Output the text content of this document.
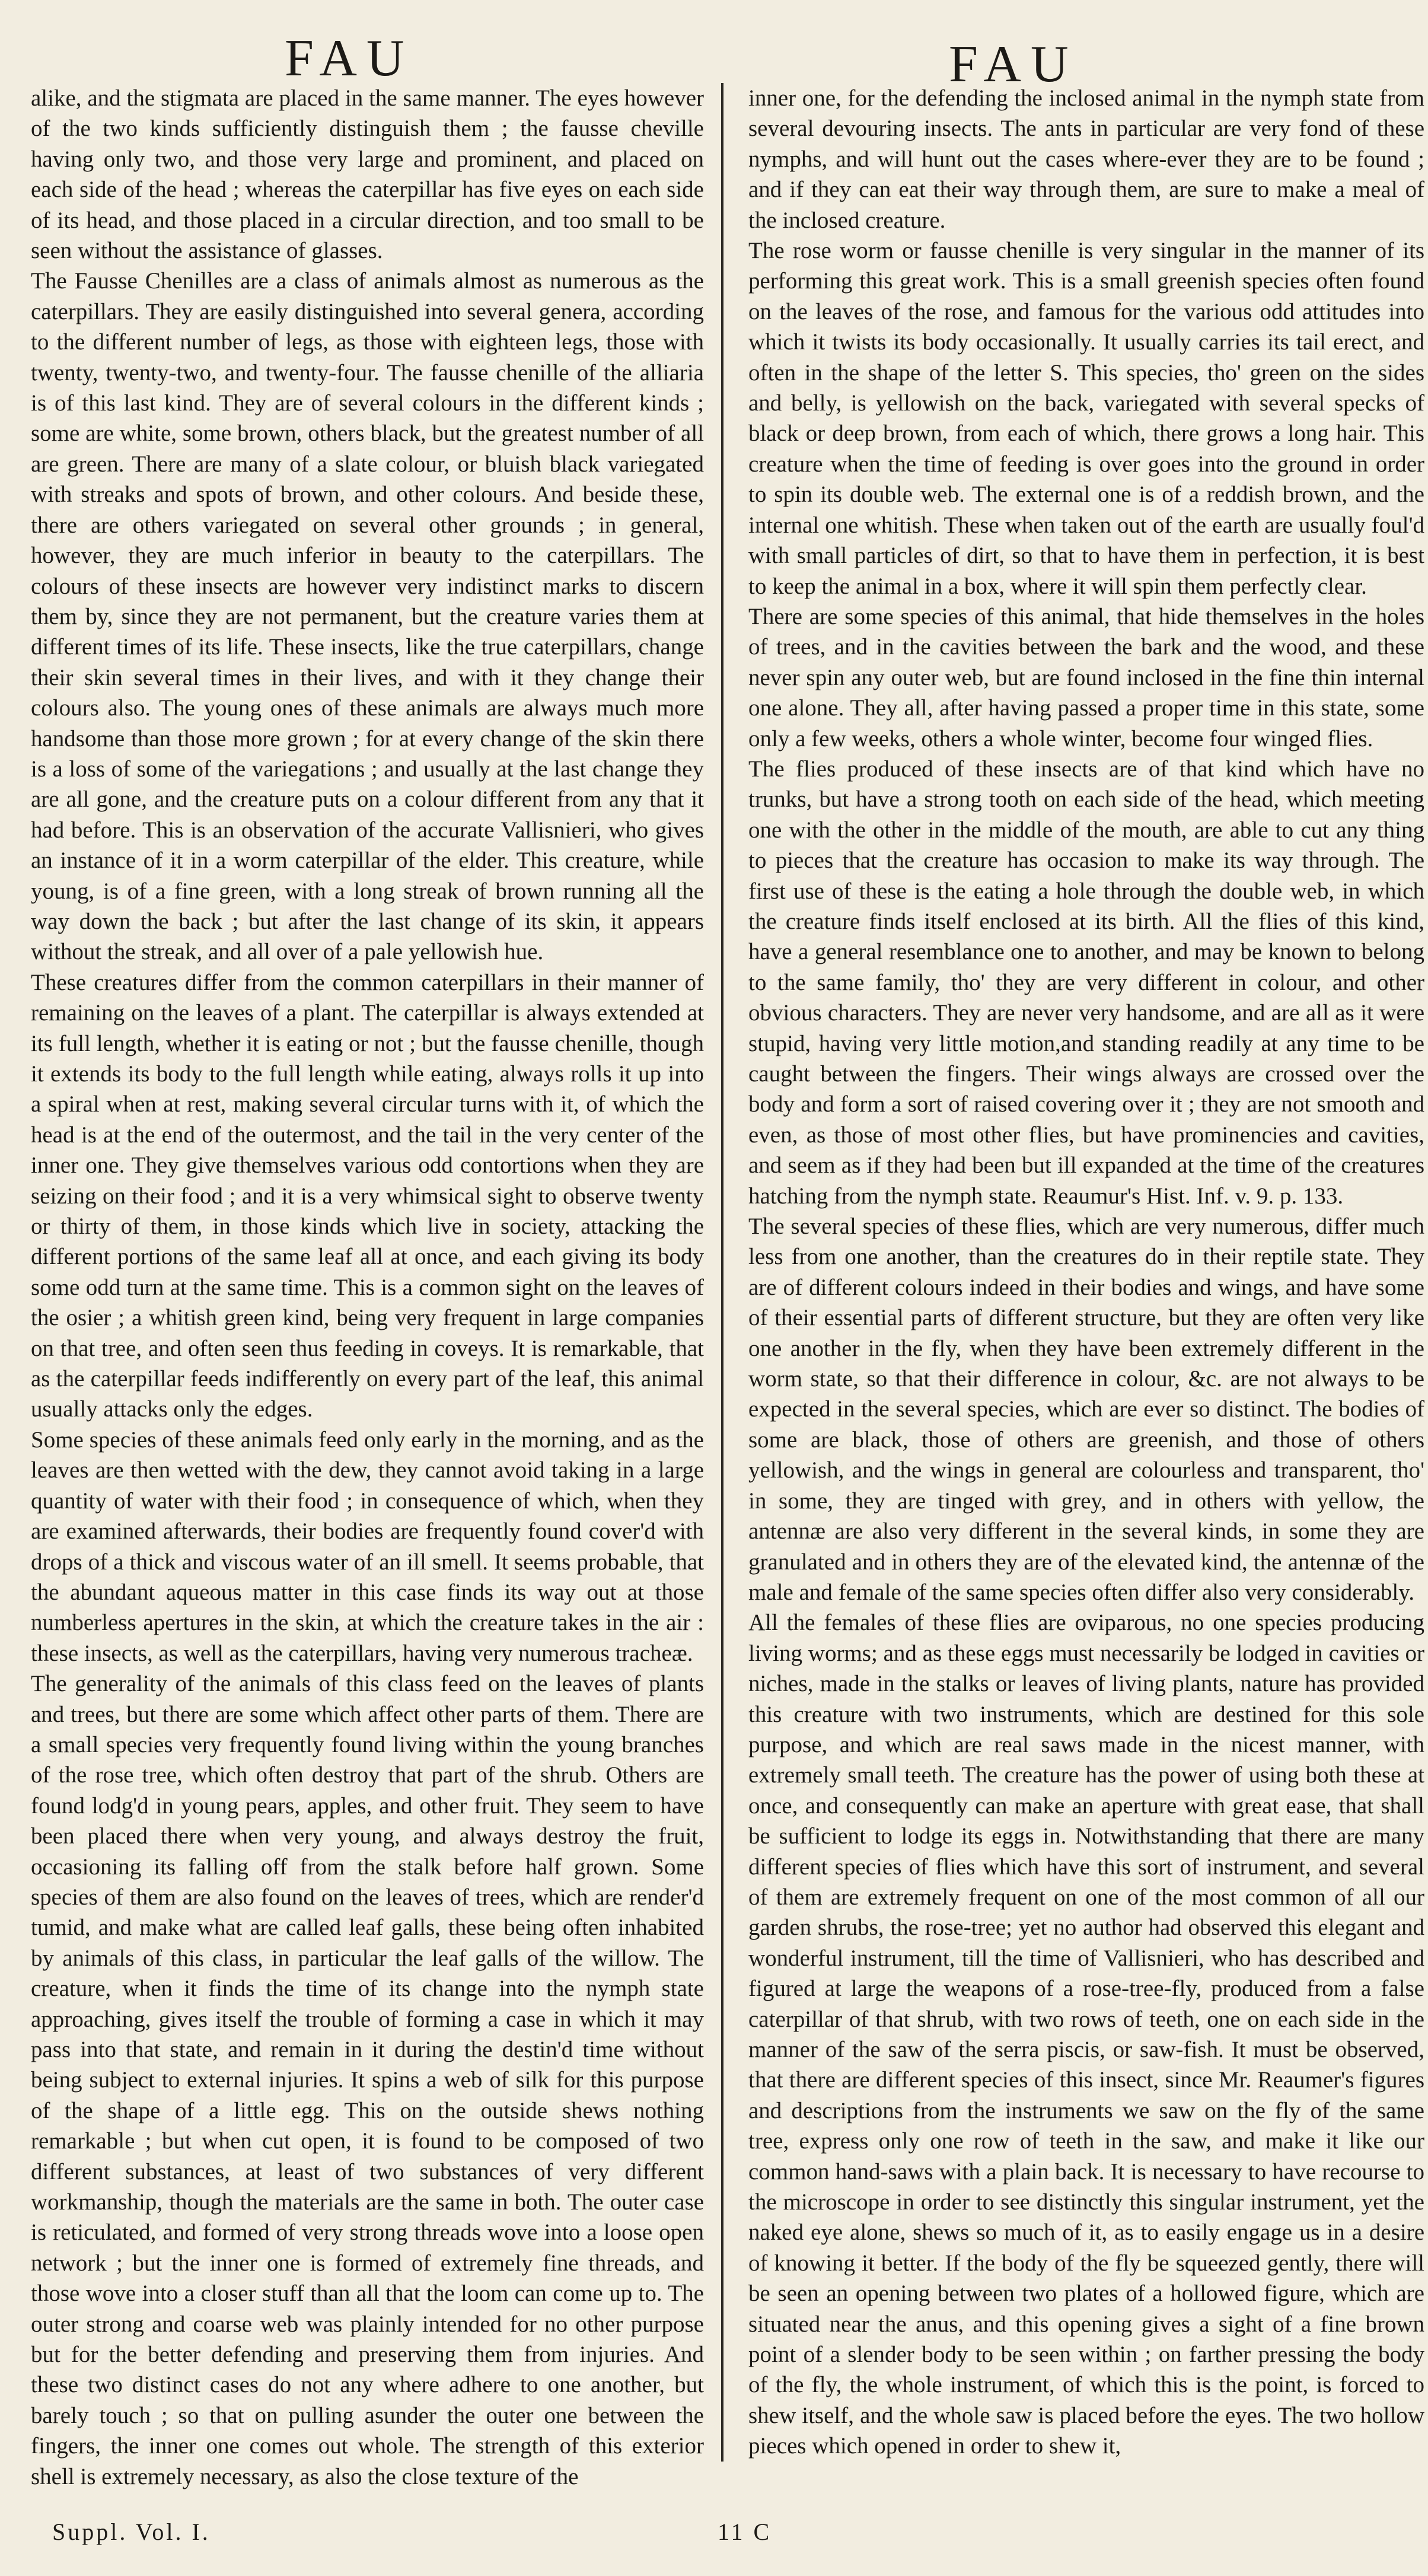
FAU	FAU

alike, and the stigmata are placed in the same manner. The eyes however of the two kinds sufficiently distinguish them ; the fausse cheville having only two, and those very large and prominent, and placed on each side of the head ; whereas the caterpillar has five eyes on each side of its head, and those placed in a circular direction, and too small to be seen without the assistance of glasses.

The Fausse Chenilles are a class of animals almost as numerous as the caterpillars. They are easily distinguished into several genera, according to the different number of legs, as those with eighteen legs, those with twenty, twenty-two, and twenty-four. The fausse chenille of the alliaria is of this last kind. They are of several colours in the different kinds ; some are white, some brown, others black, but the greatest number of all are green. There are many of a slate colour, or bluish black variegated with streaks and spots of brown, and other colours. And beside these, there are others variegated on several other grounds ; in general, however, they are much inferior in beauty to the caterpillars. The colours of these insects are however very indistinct marks to discern them by, since they are not permanent, but the creature varies them at different times of its life. These insects, like the true caterpillars, change their skin several times in their lives, and with it they change their colours also. The young ones of these animals are always much more handsome than those more grown ; for at every change of the skin there is a loss of some of the variegations ; and usually at the last change they are all gone, and the creature puts on a colour different from any that it had before. This is an observation of the accurate Vallisnieri, who gives an instance of it in a worm caterpillar of the elder. This creature, while young, is of a fine green, with a long streak of brown running all the way down the back ; but after the last change of its skin, it appears without the streak, and all over of a pale yellowish hue.

These creatures differ from the common caterpillars in their manner of remaining on the leaves of a plant. The caterpillar is always extended at its full length, whether it is eating or not ; but the fausse chenille, though it extends its body to the full length while eating, always rolls it up into a spiral when at rest, making several circular turns with it, of which the head is at the end of the outermost, and the tail in the very center of the inner one. They give themselves various odd contortions when they are seizing on their food ; and it is a very whimsical sight to observe twenty or thirty of them, in those kinds which live in society, attacking the different portions of the same leaf all at once, and each giving its body some odd turn at the same time. This is a common sight on the leaves of the osier ; a whitish green kind, being very frequent in large companies on that tree, and often seen thus feeding in coveys. It is remarkable, that as the caterpillar feeds indifferently on every part of the leaf, this animal usually attacks only the edges.

Some species of these animals feed only early in the morning, and as the leaves are then wetted with the dew, they cannot avoid taking in a large quantity of water with their food ; in consequence of which, when they are examined afterwards, their bodies are frequently found cover'd with drops of a thick and viscous water of an ill smell. It seems probable, that the abundant aqueous matter in this case finds its way out at those numberless apertures in the skin, at which the creature takes in the air : these insects, as well as the caterpillars, having very numerous tracheæ.

The generality of the animals of this class feed on the leaves of plants and trees, but there are some which affect other parts of them. There are a small species very frequently found living within the young branches of the rose tree, which often destroy that part of the shrub. Others are found lodg'd in young pears, apples, and other fruit. They seem to have been placed there when very young, and always destroy the fruit, occasioning its falling off from the stalk before half grown. Some species of them are also found on the leaves of trees, which are render'd tumid, and make what are called leaf galls, these being often inhabited by animals of this class, in particular the leaf galls of the willow. The creature, when it finds the time of its change into the nymph state approaching, gives itself the trouble of forming a case in which it may pass into that state, and remain in it during the destin'd time without being subject to external injuries. It spins a web of silk for this purpose of the shape of a little egg. This on the outside shews nothing remarkable ; but when cut open, it is found to be composed of two different substances, at least of two substances of very different workmanship, though the materials are the same in both. The outer case is reticulated, and formed of very strong threads wove into a loose open network ; but the inner one is formed of extremely fine threads, and those wove into a closer stuff than all that the loom can come up to. The outer strong and coarse web was plainly intended for no other purpose but for the better defending and preserving them from injuries. And these two distinct cases do not any where adhere to one another, but barely touch ; so that on pulling asunder the outer one between the fingers, the inner one comes out whole. The strength of this exterior shell is extremely necessary, as also the close texture of the

inner one, for the defending the inclosed animal in the nymph state from several devouring insects. The ants in particular are very fond of these nymphs, and will hunt out the cases where-ever they are to be found ; and if they can eat their way through them, are sure to make a meal of the inclosed creature.

The rose worm or fausse chenille is very singular in the manner of its performing this great work. This is a small greenish species often found on the leaves of the rose, and famous for the various odd attitudes into which it twists its body occasionally. It usually carries its tail erect, and often in the shape of the letter S. This species, tho' green on the sides and belly, is yellowish on the back, variegated with several specks of black or deep brown, from each of which, there grows a long hair. This creature when the time of feeding is over goes into the ground in order to spin its double web. The external one is of a reddish brown, and the internal one whitish. These when taken out of the earth are usually foul'd with small particles of dirt, so that to have them in perfection, it is best to keep the animal in a box, where it will spin them perfectly clear.

There are some species of this animal, that hide themselves in the holes of trees, and in the cavities between the bark and the wood, and these never spin any outer web, but are found inclosed in the fine thin internal one alone. They all, after having passed a proper time in this state, some only a few weeks, others a whole winter, become four winged flies.

The flies produced of these insects are of that kind which have no trunks, but have a strong tooth on each side of the head, which meeting one with the other in the middle of the mouth, are able to cut any thing to pieces that the creature has occasion to make its way through. The first use of these is the eating a hole through the double web, in which the creature finds itself enclosed at its birth. All the flies of this kind, have a general resemblance one to another, and may be known to belong to the same family, tho' they are very different in colour, and other obvious characters. They are never very handsome, and are all as it were stupid, having very little motion,and standing readily at any time to be caught between the fingers. Their wings always are crossed over the body and form a sort of raised covering over it ; they are not smooth and even, as those of most other flies, but have prominencies and cavities, and seem as if they had been but ill expanded at the time of the creatures hatching from the nymph state. Reaumur's Hist. Inf. v. 9. p. 133.

The several species of these flies, which are very numerous, differ much less from one another, than the creatures do in their reptile state. They are of different colours indeed in their bodies and wings, and have some of their essential parts of different structure, but they are often very like one another in the fly, when they have been extremely different in the worm state, so that their difference in colour, &c. are not always to be expected in the several species, which are ever so distinct. The bodies of some are black, those of others are greenish, and those of others yellowish, and the wings in general are colourless and transparent, tho' in some, they are tinged with grey, and in others with yellow, the antennæ are also very different in the several kinds, in some they are granulated and in others they are of the elevated kind, the antennæ of the male and female of the same species often differ also very considerably.

All the females of these flies are oviparous, no one species producing living worms; and as these eggs must necessarily be lodged in cavities or niches, made in the stalks or leaves of living plants, nature has provided this creature with two instruments, which are destined for this sole purpose, and which are real saws made in the nicest manner, with extremely small teeth. The creature has the power of using both these at once, and consequently can make an aperture with great ease, that shall be sufficient to lodge its eggs in. Notwithstanding that there are many different species of flies which have this sort of instrument, and several of them are extremely frequent on one of the most common of all our garden shrubs, the rose-tree; yet no author had observed this elegant and wonderful instrument, till the time of Vallisnieri, who has described and figured at large the weapons of a rose-tree-fly, produced from a false caterpillar of that shrub, with two rows of teeth, one on each side in the manner of the saw of the serra piscis, or saw-fish. It must be observed, that there are different species of this insect, since Mr. Reaumer's figures and descriptions from the instruments we saw on the fly of the same tree, express only one row of teeth in the saw, and make it like our common hand-saws with a plain back. It is necessary to have recourse to the microscope in order to see distinctly this singular instrument, yet the naked eye alone, shews so much of it, as to easily engage us in a desire of knowing it better. If the body of the fly be squeezed gently, there will be seen an opening between two plates of a hollowed figure, which are situated near the anus, and this opening gives a sight of a fine brown point of a slender body to be seen within ; on farther pressing the body of the fly, the whole instrument, of which this is the point, is forced to shew itself, and the whole saw is placed before the eyes. The two hollow pieces which opened in order to shew it,

Suppl. Vol. I.	11 C
